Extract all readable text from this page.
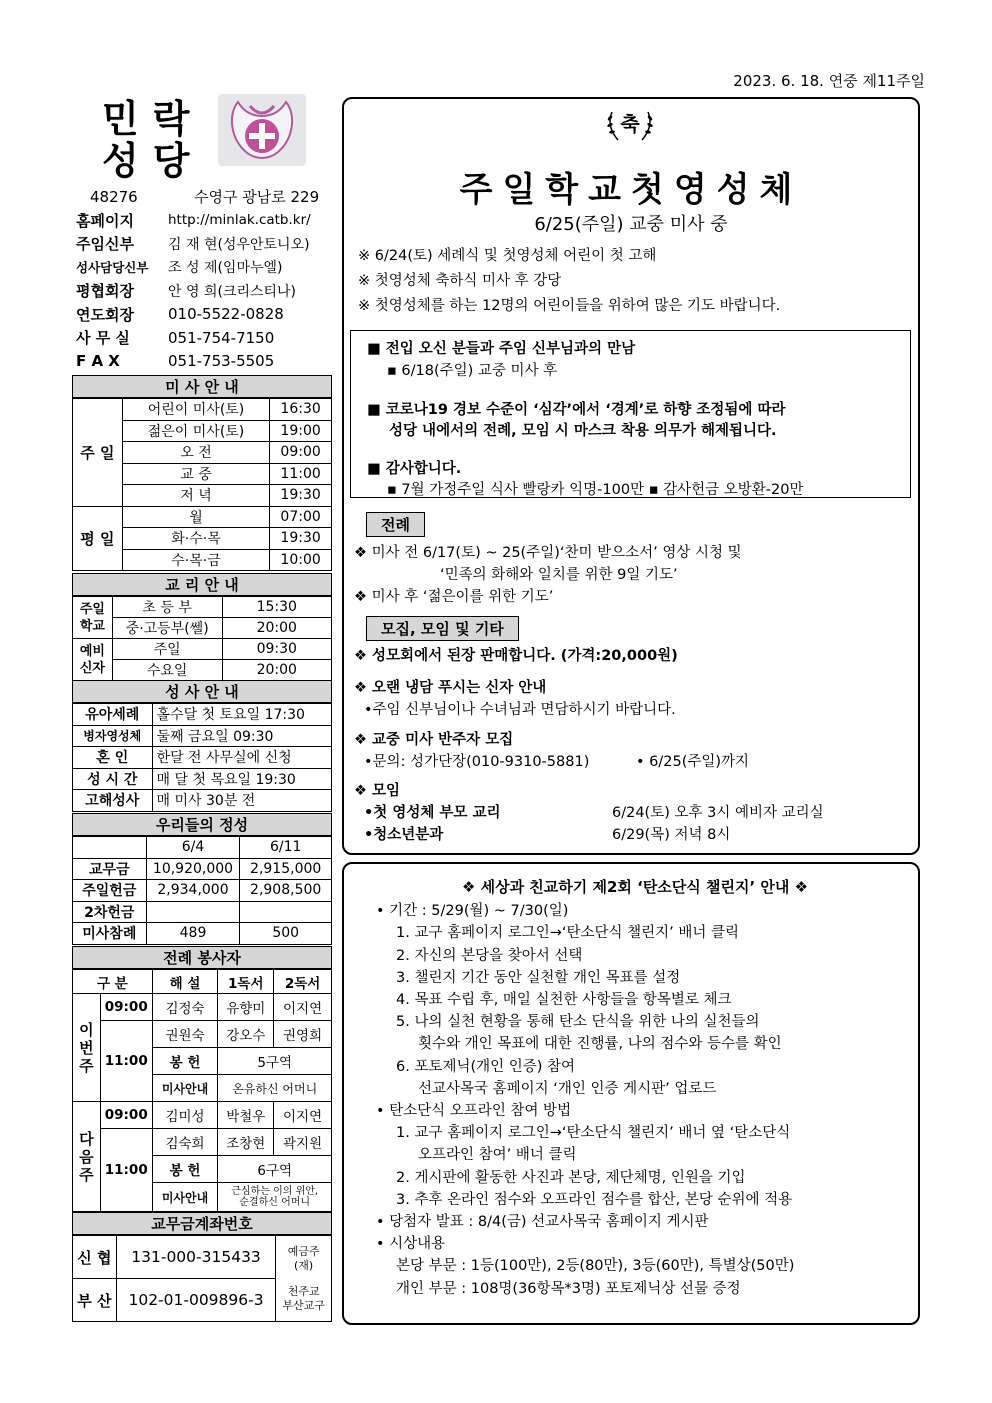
2023. 6. 18. 연중 제11주일
민락
성당
48276	수영구 광남로 229
홈페이지	http://minlak.catb.kr/
주임신부	김 재 현(성우안토니오)
성사담당신부	조 성 제(임마누엘)
평협회장	안 영 희(크리스티나)
연도회장	010-5522-0828
사 무 실	051-754-7150
F A X	051-753-5505
미 사 안 내
주 일	어린이 미사(토)	16:30
	젊은이 미사(토)	19:00
	오 전	09:00
	교 중	11:00
	저 녁	19:30
평 일	월	07:00
	화·수·목	19:30
	수·목·금	10:00
교 리 안 내
주일 학교	초 등 부	15:30
	중·고등부(쎌)	20:00
예비 신자	주일	09:30
	수요일	20:00
성 사 안 내
유아세례	홀수달 첫 토요일 17:30
병자영성체	둘째 금요일 09:30
혼 인	한달 전 사무실에 신청
성 시 간	매 달 첫 목요일 19:30
고해성사	매 미사 30분 전
우리들의 정성
	6/4	6/11
교무금	10,920,000	2,915,000
주일헌금	2,934,000	2,908,500
2차헌금		
미사참례	489	500
전례 봉사자
구 분		해 설	1독서	2독서
이 번 주	09:00	김정숙	유향미	이지연
	11:00	권원숙	강오수	권영희
		봉 헌	5구역	
		미사안내	온유하신 어머니	
다 음 주	09:00	김미성	박철우	이지연
	11:00	김숙희	조창현	곽지원
		봉 헌	6구역	
		미사안내	근심하는 이의 위안,
순결하신 어머니	
교무금계좌번호
신 협	131-000-315433	예금주
(재)
천주교
부산교구

부 산	102-01-009896-3	
축
주일학교첫영성체
6/25(주일) 교중 미사 중
※ 6/24(토) 세례식 및 첫영성체 어린이 첫 고해
※ 첫영성체 축하식 미사 후 강당
※ 첫영성체를 하는 12명의 어린이들을 위하여 많은 기도 바랍니다.

■ 전입 오신 분들과 주임 신부님과의 만남

▪ 6/18(주일) 교중 미사 후

■ 코로나19 경보 수준이 ‘심각’에서 ‘경계’로 하향 조정됨에 따라

성당 내에서의 전례, 모임 시 마스크 착용 의무가 해제됩니다.

■ 감사합니다.

▪ 7월 가정주일 식사 빨랑카 익명-100만 ▪ 감사헌금 오방환-20만

전례
❖ 미사 전 6/17(토) ~ 25(주일)‘찬미 받으소서’ 영상 시청 및
‘민족의 화해와 일치를 위한 9일 기도’
❖ 미사 후 ‘젊은이를 위한 기도’
모집, 모임 및 기타
❖ 성모회에서 된장 판매합니다. (가격:20,000원)
❖ 오랜 냉담 푸시는 신자 안내
•주임 신부님이나 수녀님과 면담하시기 바랍니다.
❖ 교중 미사 반주자 모집
•문의: 성가단장(010-9310-5881)	• 6/25(주일)까지
❖ 모임
•첫 영성체 부모 교리	6/24(토) 오후 3시 예비자 교리실
•청소년분과	6/29(목) 저녁 8시
❖ 세상과 친교하기 제2회 ‘탄소단식 챌린지’ 안내 ❖
• 기간 : 5/29(월) ~ 7/30(일)
1. 교구 홈페이지 로그인→‘탄소단식 챌린지’ 배너 클릭
2. 자신의 본당을 찾아서 선택
3. 챌린지 기간 동안 실천할 개인 목표를 설정
4. 목표 수립 후, 매일 실천한 사항들을 항목별로 체크
5. 나의 실천 현황을 통해 탄소 단식을 위한 나의 실천들의
횟수와 개인 목표에 대한 진행률, 나의 점수와 등수를 확인
6. 포토제닉(개인 인증) 참여
선교사목국 홈페이지 ‘개인 인증 게시판’ 업로드
• 탄소단식 오프라인 참여 방법
1. 교구 홈페이지 로그인→‘탄소단식 챌린지’ 배너 옆 ‘탄소단식
오프라인 참여’ 배너 클릭
2. 게시판에 활동한 사진과 본당, 제단체명, 인원을 기입
3. 추후 온라인 점수와 오프라인 점수를 합산, 본당 순위에 적용
• 당첨자 발표 : 8/4(금) 선교사목국 홈페이지 게시판
• 시상내용
본당 부문 : 1등(100만), 2등(80만), 3등(60만), 특별상(50만)
개인 부문 : 108명(36항목*3명) 포토제닉상 선물 증정
